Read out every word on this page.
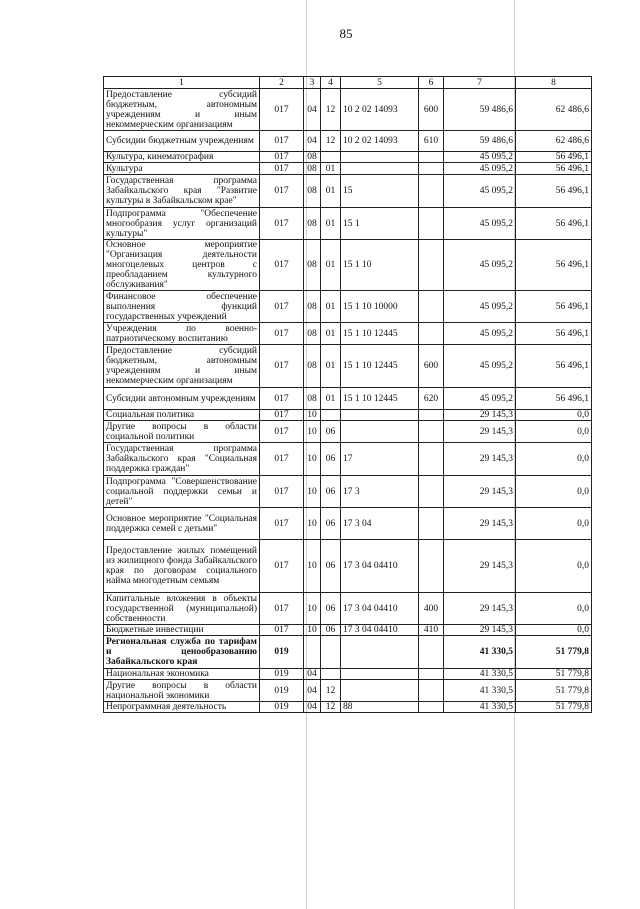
85
1	2	3	4	5	6	7	8
Предоставление субсидий бюджетным, автономным учреждениям и иным некоммерческим организациям	017	04	12	10 2 02 14093	600	59 486,6	62 486,6
Субсидии бюджетным учреждениям	017	04	12	10 2 02 14093	610	59 486,6	62 486,6
Культура, кинематография	017	08				45 095,2	56 496,1
Культура	017	08	01			45 095,2	56 496,1
Государственная программа Забайкальского края "Развитие культуры в Забайкальском крае"	017	08	01	15		45 095,2	56 496,1
Подпрограмма "Обеспечение многообразия услуг организаций культуры"	017	08	01	15 1		45 095,2	56 496,1
Основное мероприятие "Организация деятельности многоцелевых центров с преобладанием культурного обслуживания"	017	08	01	15 1 10		45 095,2	56 496,1
Финансовое обеспечение выполнения функций государственных учреждений	017	08	01	15 1 10 10000		45 095,2	56 496,1
Учреждения по военно-патриотическому воспитанию	017	08	01	15 1 10 12445		45 095,2	56 496,1
Предоставление субсидий бюджетным, автономным учреждениям и иным некоммерческим организациям	017	08	01	15 1 10 12445	600	45 095,2	56 496,1
Субсидии автономным учреждениям	017	08	01	15 1 10 12445	620	45 095,2	56 496,1
Социальная политика	017	10				29 145,3	0,0
Другие вопросы в области социальной политики	017	10	06			29 145,3	0,0
Государственная программа Забайкальского края "Социальная поддержка граждан"	017	10	06	17		29 145,3	0,0
Подпрограмма "Совершенствование социальной поддержки семьи и детей"	017	10	06	17 3		29 145,3	0,0
Основное мероприятие "Социальная поддержка семей с детьми"	017	10	06	17 3 04		29 145,3	0,0
Предоставление жилых помещений из жилищного фонда Забайкальского края по договорам социального найма многодетным семьям	017	10	06	17 3 04 04410		29 145,3	0,0
Капитальные вложения в объекты государственной (муниципальной) собственности	017	10	06	17 3 04 04410	400	29 145,3	0,0
Бюджетные инвестиции	017	10	06	17 3 04 04410	410	29 145,3	0,0
Региональная служба по тарифам и ценообразованию Забайкальского края	019					41 330,5	51 779,8
Национальная экономика	019	04				41 330,5	51 779,8
Другие вопросы в области национальной экономики	019	04	12			41 330,5	51 779,8
Непрограммная деятельность	019	04	12	88		41 330,5	51 779,8
